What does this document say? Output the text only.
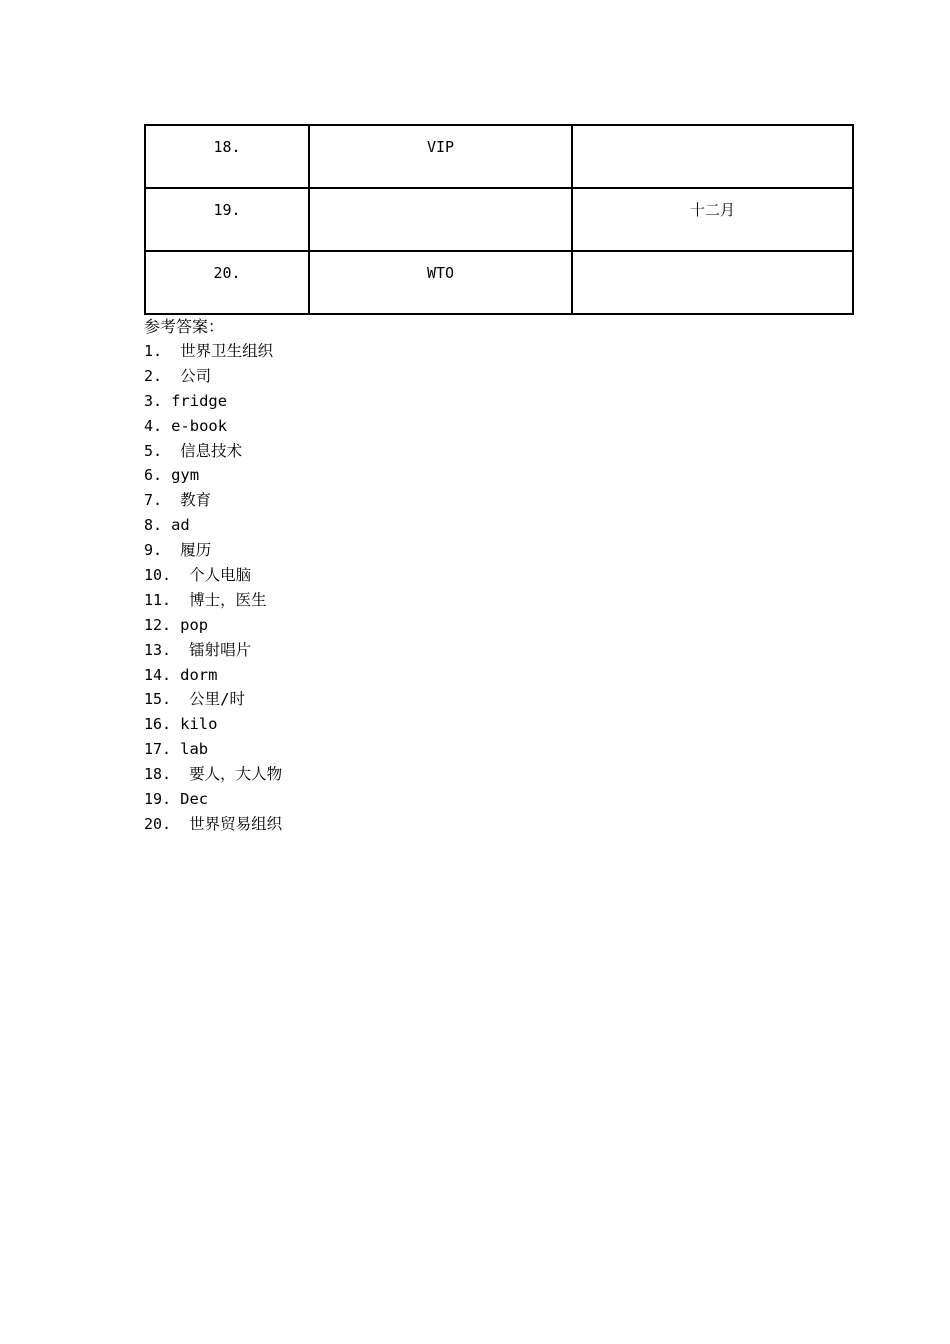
18.	VIP	
19.		十二月
20.	WTO	
参考答案：
1. 世界卫生组织
2. 公司
3. fridge
4. e-book
5. 信息技术
6. gym
7. 教育
8. ad
9. 履历
10. 个人电脑
11. 博士，医生
12. pop
13. 镭射唱片
14. dorm
15. 公里/时
16. kilo
17. lab
18. 要人，大人物
19. Dec
20. 世界贸易组织
